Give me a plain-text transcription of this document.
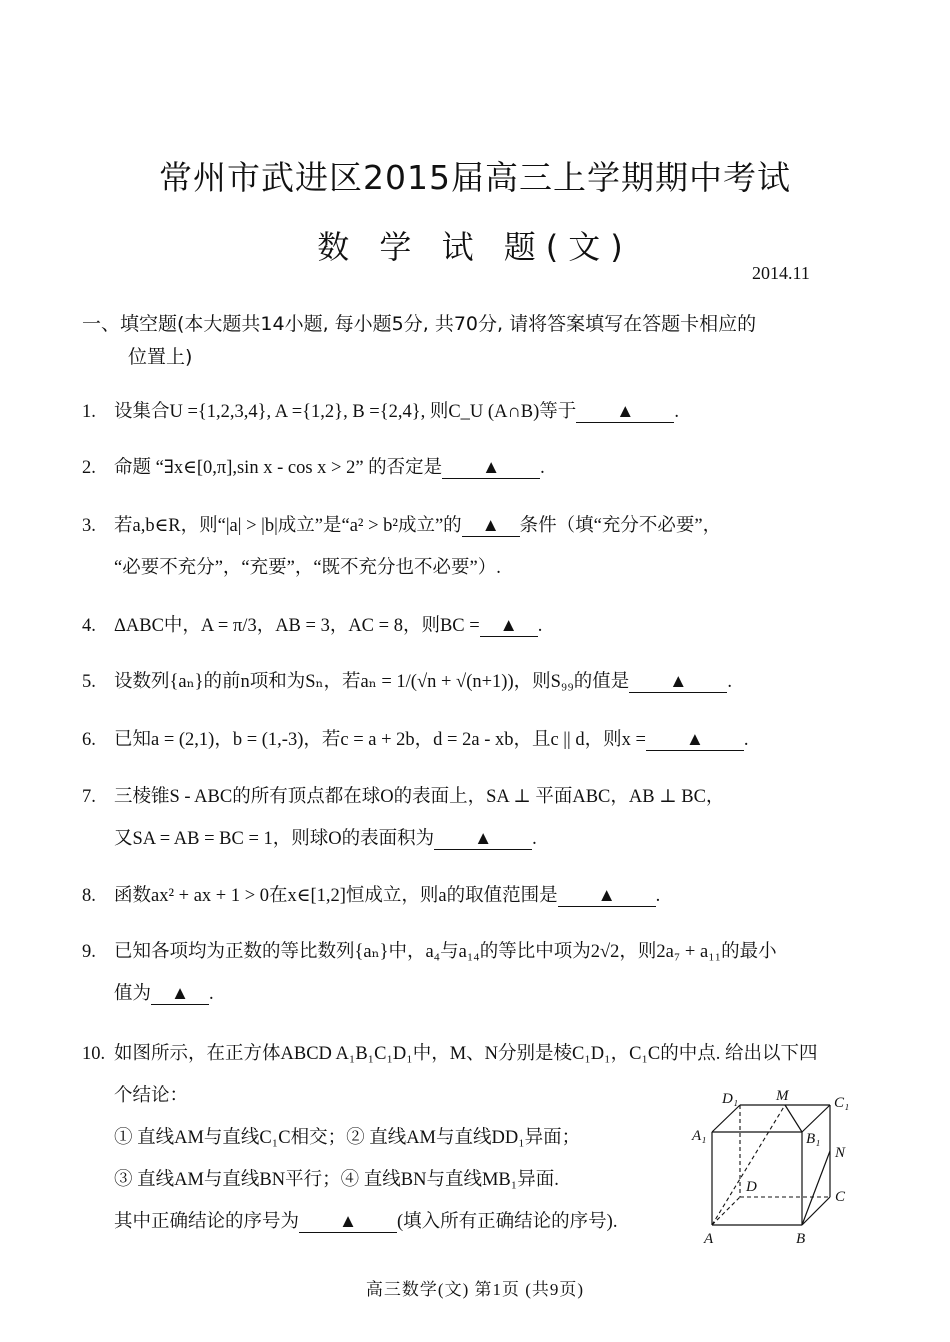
常州市武进区2015届高三上学期期中考试
数 学 试 题(文)
2014.11
一、填空题(本大题共14小题, 每小题5分, 共70分, 请将答案填写在答题卡相应的
位置上)
1. 设集合U ={1,2,3,4}, A ={1,2}, B ={2,4}, 则C_U (A∩B)等于 ▲ .
2. 命题 “∃x∈[0,π],sin x - cos x > 2” 的否定是 ▲ .
3. 若a,b∈R，则“|a| > |b|成立”是“a² > b²成立”的 ▲ 条件（填“充分不必要”，
“必要不充分”，“充要”，“既不充分也不必要”）.
4. ΔABC中，A = π/3，AB = 3，AC = 8，则BC = ▲ .
5. 设数列{aₙ}的前n项和为Sₙ，若aₙ = 1/(√n + √(n+1))，则S₉₉的值是 ▲ .
6. 已知a = (2,1)，b = (1,-3)，若c = a + 2b，d = 2a - xb，且c || d，则x = ▲ .
7. 三棱锥S - ABC的所有顶点都在球O的表面上，SA ⊥ 平面ABC，AB ⊥ BC，
又SA = AB = BC = 1，则球O的表面积为 ▲ .
8. 函数ax² + ax + 1 > 0在x∈[1,2]恒成立，则a的取值范围是 ▲ .
9. 已知各项均为正数的等比数列{aₙ}中，a₄与a₁₄的等比中项为2√2，则2a₇ + a₁₁的最小
值为 ▲ .
10. 如图所示，在正方体ABCD A₁B₁C₁D₁中，M、N分别是棱C₁D₁，C₁C的中点. 给出以下四
个结论：
① 直线AM与直线C₁C相交；② 直线AM与直线DD₁异面；
③ 直线AM与直线BN平行；④ 直线BN与直线MB₁异面.
其中正确结论的序号为 ▲ (填入所有正确结论的序号).
D₁	M	C₁
A₁	B₁
N
D
C
A	B
高三数学(文) 第1页 (共9页)
